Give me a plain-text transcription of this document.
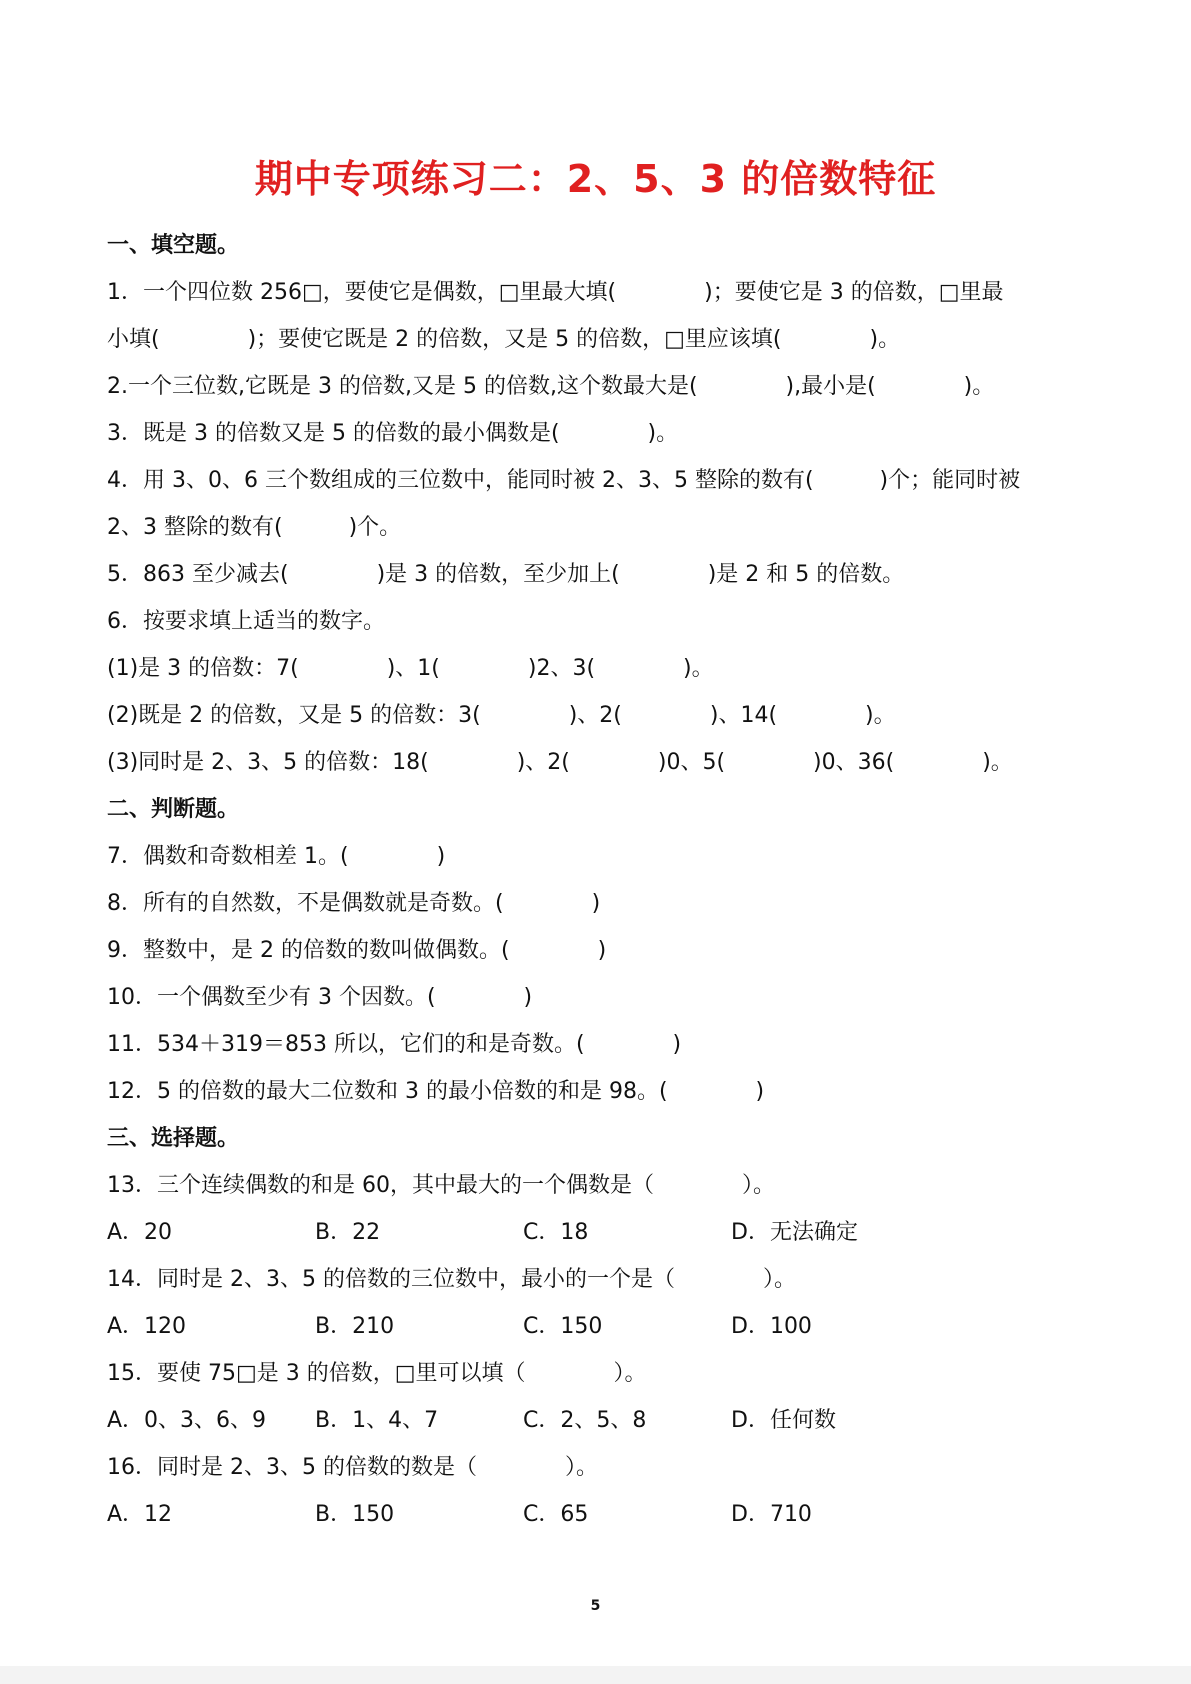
期中专项练习二：2、5、3 的倍数特征
一、填空题。
1．一个四位数 256□，要使它是偶数，□里最大填(　　　　)；要使它是 3 的倍数，□里最
小填(　　　　)；要使它既是 2 的倍数，又是 5 的倍数，□里应该填(　　　　)。
2.一个三位数,它既是 3 的倍数,又是 5 的倍数,这个数最大是(　　　　),最小是(　　　　)。
3．既是 3 的倍数又是 5 的倍数的最小偶数是(　　　　)。
4．用 3、0、6 三个数组成的三位数中，能同时被 2、3、5 整除的数有(　　　)个；能同时被
2、3 整除的数有(　　　)个。
5．863 至少减去(　　　　)是 3 的倍数，至少加上(　　　　)是 2 和 5 的倍数。
6．按要求填上适当的数字。
(1)是 3 的倍数：7(　　　　)、1(　　　　)2、3(　　　　)。
(2)既是 2 的倍数，又是 5 的倍数：3(　　　　)、2(　　　　)、14(　　　　)。
(3)同时是 2、3、5 的倍数：18(　　　　)、2(　　　　)0、5(　　　　)0、36(　　　　)。
二、判断题。
7．偶数和奇数相差 1。(　　　　)
8．所有的自然数，不是偶数就是奇数。(　　　　)
9．整数中，是 2 的倍数的数叫做偶数。(　　　　)
10．一个偶数至少有 3 个因数。(　　　　)
11．534＋319＝853 所以，它们的和是奇数。(　　　　)
12．5 的倍数的最大二位数和 3 的最小倍数的和是 98。(　　　　)
三、选择题。
13．三个连续偶数的和是 60，其中最大的一个偶数是（　　　　）。
A．20	B．22	C．18	D．无法确定
14．同时是 2、3、5 的倍数的三位数中，最小的一个是（　　　　）。
A．120	B．210	C．150	D．100
15．要使 75□是 3 的倍数，□里可以填（　　　　）。
A．0、3、6、9	B．1、4、7	C．2、5、8	D．任何数
16．同时是 2、3、5 的倍数的数是（　　　　）。
A．12	B．150	C．65	D．710
5
